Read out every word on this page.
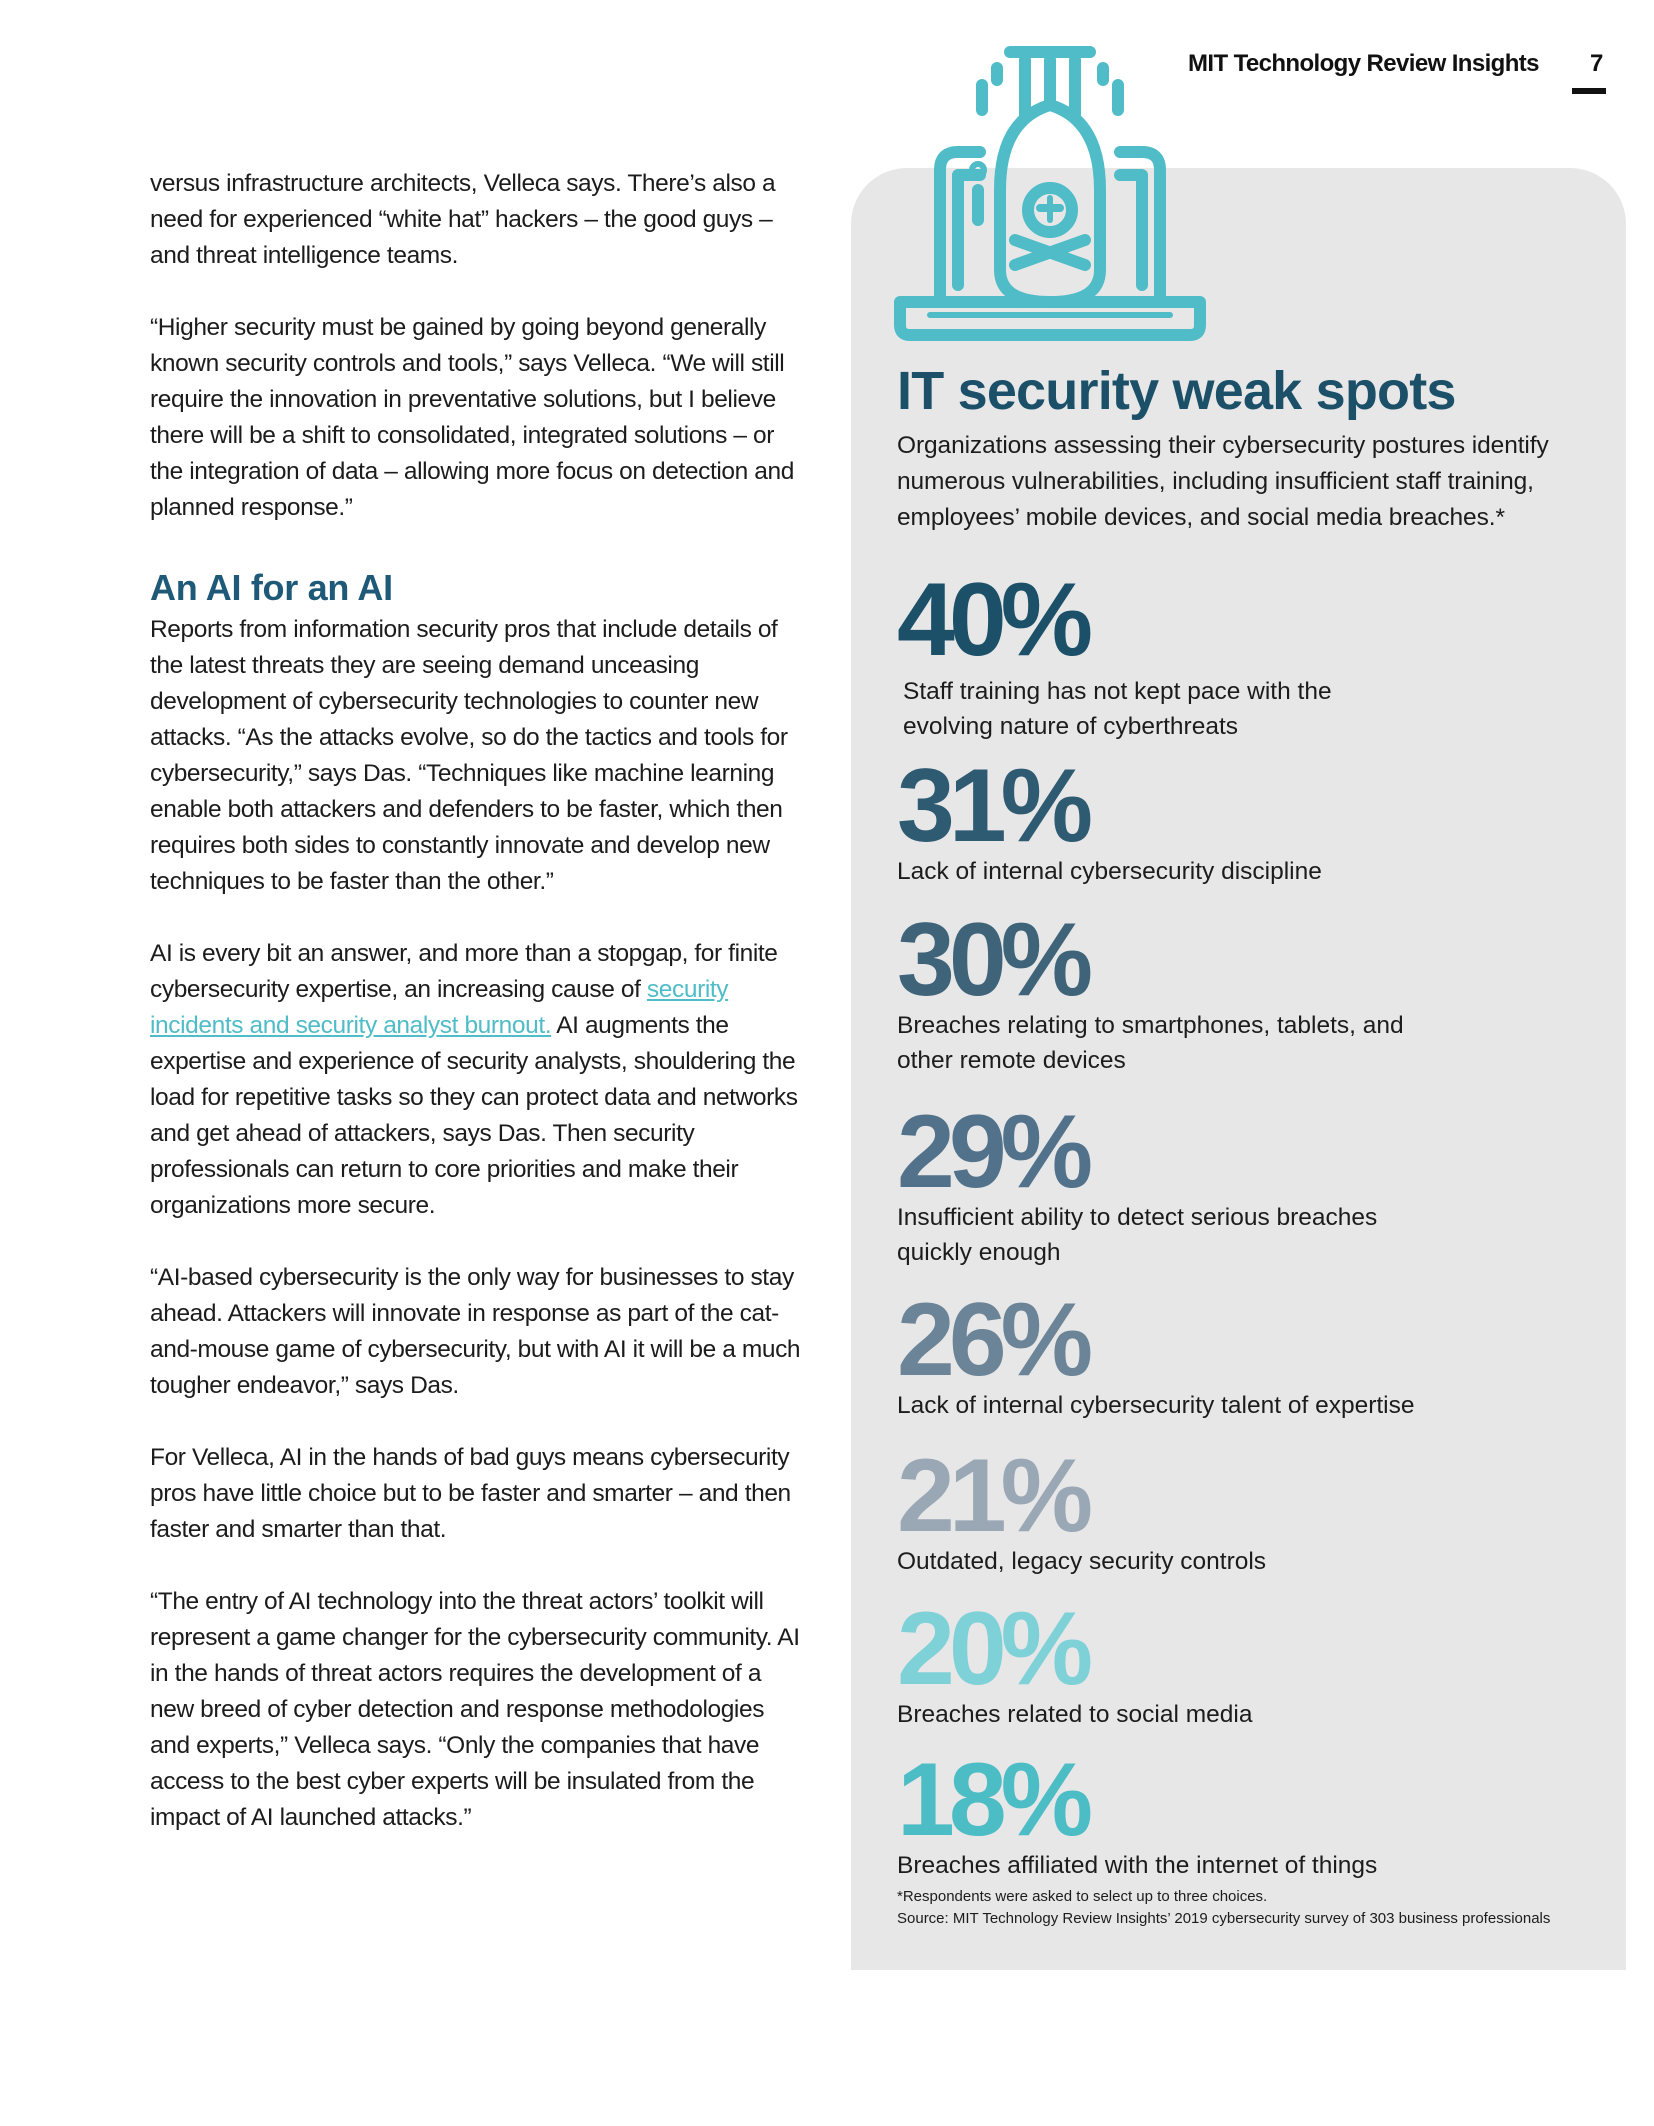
MIT Technology Review Insights 7

versus infrastructure architects, Velleca says. There’s also a need for experienced “white hat” hackers – the good guys – and threat intelligence teams.

“Higher security must be gained by going beyond generally known security controls and tools,” says Velleca. “We will still require the innovation in preventative solutions, but I believe there will be a shift to consolidated, integrated solutions – or the integration of data – allowing more focus on detection and planned response.”

An AI for an AI

Reports from information security pros that include details of the latest threats they are seeing demand unceasing development of cybersecurity technologies to counter new attacks. “As the attacks evolve, so do the tactics and tools for cybersecurity,” says Das. “Techniques like machine learning enable both attackers and defenders to be faster, which then requires both sides to constantly innovate and develop new techniques to be faster than the other.”

AI is every bit an answer, and more than a stopgap, for finite cybersecurity expertise, an increasing cause of security incidents and security analyst burnout. AI augments the expertise and experience of security analysts, shouldering the load for repetitive tasks so they can protect data and networks and get ahead of attackers, says Das. Then security professionals can return to core priorities and make their organizations more secure.

“AI-based cybersecurity is the only way for businesses to stay ahead. Attackers will innovate in response as part of the cat-and-mouse game of cybersecurity, but with AI it will be a much tougher endeavor,” says Das.

For Velleca, AI in the hands of bad guys means cybersecurity pros have little choice but to be faster and smarter – and then faster and smarter than that.

“The entry of AI technology into the threat actors’ toolkit will represent a game changer for the cybersecurity community. AI in the hands of threat actors requires the development of a new breed of cyber detection and response methodologies and experts,” Velleca says. “Only the companies that have access to the best cyber experts will be insulated from the impact of AI launched attacks.”

IT security weak spots

Organizations assessing their cybersecurity postures identify numerous vulnerabilities, including insufficient staff training, employees’ mobile devices, and social media breaches.*

40%
Staff training has not kept pace with the evolving nature of cyberthreats
31%
Lack of internal cybersecurity discipline
30%
Breaches relating to smartphones, tablets, and other remote devices
29%
Insufficient ability to detect serious breaches quickly enough
26%
Lack of internal cybersecurity talent of expertise
21%
Outdated, legacy security controls
20%
Breaches related to social media
18%
Breaches affiliated with the internet of things
*Respondents were asked to select up to three choices.
Source: MIT Technology Review Insights’ 2019 cybersecurity survey of 303 business professionals
